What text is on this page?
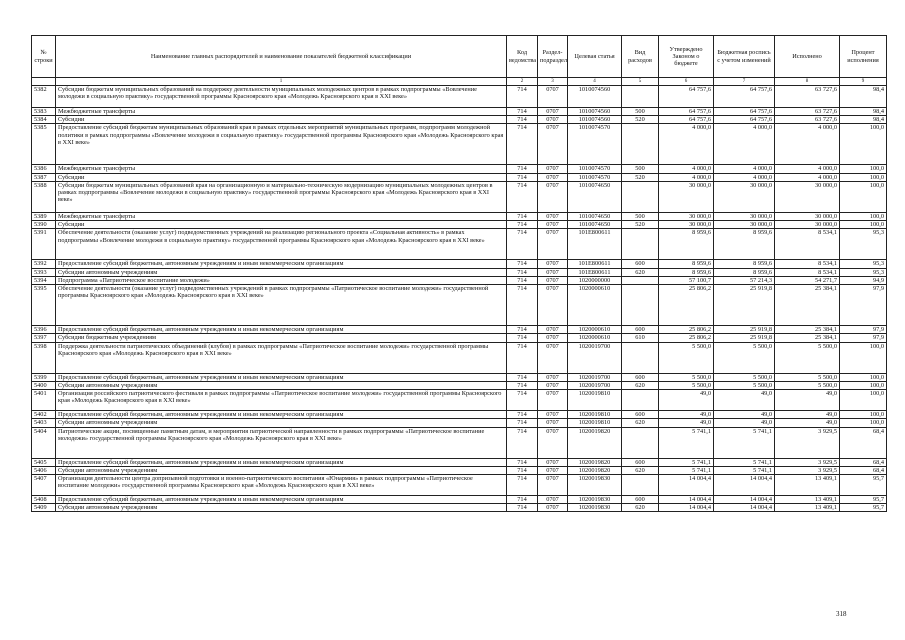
№ строки	Наименование главных распорядителей и наименование показателей бюджетной классификации	Код ведомства	Раздел-подраздел	Целевая статья	Вид расходов	Утверждено Законом о бюджете	Бюджетная роспись с учетом изменений	Исполнено	Процент исполнения
	1	2	3	4	5	6	7	8	9
5382	Субсидии бюджетам муниципальных образований на поддержку деятельности муниципальных молодежных центров в рамках подпрограммы «Вовлечение молодежи в социальную практику» государственной программы Красноярского края «Молодежь Красноярского края в XXI веке»	714	0707	1010074560		64 757,6	64 757,6	63 727,6	98,4
5383	Межбюджетные трансферты	714	0707	1010074560	500	64 757,6	64 757,6	63 727,6	98,4
5384	Субсидии	714	0707	1010074560	520	64 757,6	64 757,6	63 727,6	98,4
5385	Предоставление субсидий бюджетам муниципальных образований края в рамках отдельных мероприятий муниципальных программ, подпрограмм молодежной политики в рамках подпрограммы «Вовлечение молодежи в социальную практику» государственной программы Красноярского края «Молодежь Красноярского края в XXI веке»	714	0707	1010074570		4 000,0	4 000,0	4 000,0	100,0
5386	Межбюджетные трансферты	714	0707	1010074570	500	4 000,0	4 000,0	4 000,0	100,0
5387	Субсидии	714	0707	1010074570	520	4 000,0	4 000,0	4 000,0	100,0
5388	Субсидии бюджетам муниципальных образований края на организационную и материально-техническую модернизацию муниципальных молодежных центров в рамках подпрограммы «Вовлечение молодежи в социальную практику» государственной программы Красноярского края «Молодежь Красноярского края в XXI веке»	714	0707	1010074650		30 000,0	30 000,0	30 000,0	100,0
5389	Межбюджетные трансферты	714	0707	1010074650	500	30 000,0	30 000,0	30 000,0	100,0
5390	Субсидии	714	0707	1010074650	520	30 000,0	30 000,0	30 000,0	100,0
5391	Обеспечение деятельности (оказание услуг) подведомственных учреждений на реализацию регионального проекта «Социальная активность» в рамках подпрограммы «Вовлечение молодежи в социальную практику» государственной программы Красноярского края «Молодежь Красноярского края в XXI веке»	714	0707	101E800611		8 959,6	8 959,6	8 534,1	95,3
5392	Предоставление субсидий бюджетным, автономным учреждениям и иным некоммерческим организациям	714	0707	101E800611	600	8 959,6	8 959,6	8 534,1	95,3
5393	Субсидии автономным учреждениям	714	0707	101E800611	620	8 959,6	8 959,6	8 534,1	95,3
5394	Подпрограмма «Патриотическое воспитание молодежи»	714	0707	1020000000		57 100,7	57 214,3	54 271,7	94,9
5395	Обеспечение деятельности (оказание услуг) подведомственных учреждений в рамках подпрограммы «Патриотическое воспитание молодежи» государственной программы Красноярского края «Молодежь Красноярского края в XXI веке»	714	0707	1020000610		25 806,2	25 919,8	25 384,1	97,9
5396	Предоставление субсидий бюджетным, автономным учреждениям и иным некоммерческим организациям	714	0707	1020000610	600	25 806,2	25 919,8	25 384,1	97,9
5397	Субсидии бюджетным учреждениям	714	0707	1020000610	610	25 806,2	25 919,8	25 384,1	97,9
5398	Поддержка деятельности патриотических объединений (клубов) в рамках подпрограммы «Патриотическое воспитание молодежи» государственной программы Красноярского края «Молодежь Красноярского края в XXI веке»	714	0707	1020019700		5 500,0	5 500,0	5 500,0	100,0
5399	Предоставление субсидий бюджетным, автономным учреждениям и иным некоммерческим организациям	714	0707	1020019700	600	5 500,0	5 500,0	5 500,0	100,0
5400	Субсидии автономным учреждениям	714	0707	1020019700	620	5 500,0	5 500,0	5 500,0	100,0
5401	Организация российского патриотического фестиваля в рамках подпрограммы «Патриотическое воспитание молодежи» государственной программы Красноярского края «Молодежь Красноярского края в XXI веке»	714	0707	1020019810		49,0	49,0	49,0	100,0
5402	Предоставление субсидий бюджетным, автономным учреждениям и иным некоммерческим организациям	714	0707	1020019810	600	49,0	49,0	49,0	100,0
5403	Субсидии автономным учреждениям	714	0707	1020019810	620	49,0	49,0	49,0	100,0
5404	Патриотические акции, посвященные памятным датам, и мероприятия патриотической направленности в рамках подпрограммы «Патриотическое воспитание молодежи» государственной программы Красноярского края «Молодежь Красноярского края в XXI веке»	714	0707	1020019820		5 741,1	5 741,1	3 929,5	68,4
5405	Предоставление субсидий бюджетным, автономным учреждениям и иным некоммерческим организациям	714	0707	1020019820	600	5 741,1	5 741,1	3 929,5	68,4
5406	Субсидии автономным учреждениям	714	0707	1020019820	620	5 741,1	5 741,1	3 929,5	68,4
5407	Организация деятельности центра допризывной подготовки и военно-патриотического воспитания «Юнармия» в рамках подпрограммы «Патриотическое воспитание молодежи» государственной программы Красноярского края «Молодежь Красноярского края в XXI веке»	714	0707	1020019830		14 004,4	14 004,4	13 409,1	95,7
5408	Предоставление субсидий бюджетным, автономным учреждениям и иным некоммерческим организациям	714	0707	1020019830	600	14 004,4	14 004,4	13 409,1	95,7
5409	Субсидии автономным учреждениям	714	0707	1020019830	620	14 004,4	14 004,4	13 409,1	95,7
318
